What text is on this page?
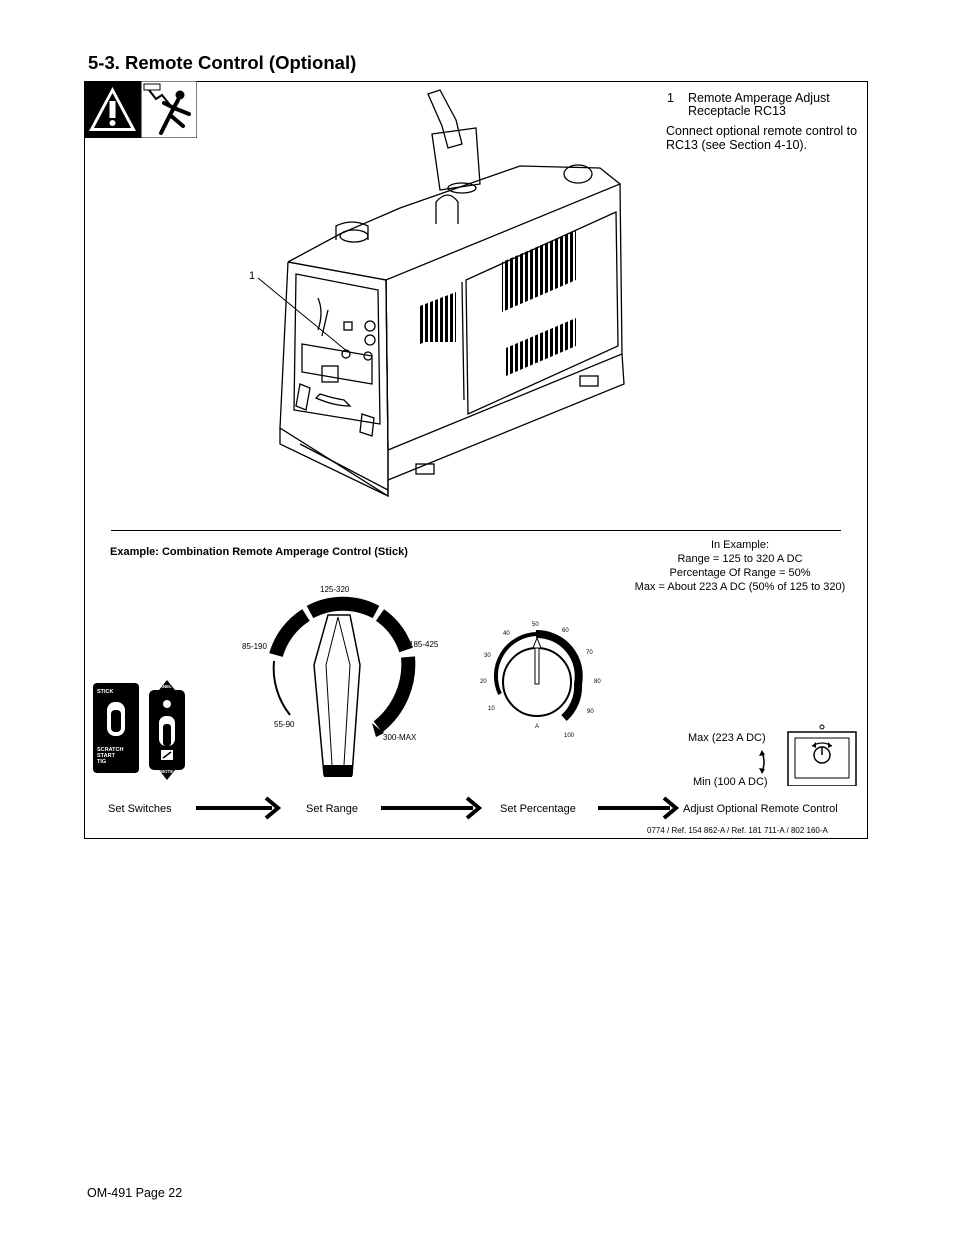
5-3. Remote Control (Optional)
1 Remote Amperage Adjust
Receptacle RC13
Connect optional remote control to
RC13 (see Section 4-10).
1
Example: Combination Remote Amperage Control (Stick)
In Example:
Range = 125 to 320 A DC
Percentage Of Range = 50%
Max = About 223 A DC (50% of 125 to 320)
STICK
SCRATCH
START
TIG
PANEL
REMOTE
125-320
85-190	185-425
55-90
300-MAX
50
40	60
30	70
20	80
10	90
A
100	Max (223 A DC)
Min (100 A DC)
Set Switches	Set Range	Set Percentage	Adjust Optional Remote Control
0774 / Ref. 154 862-A / Ref. 181 711-A / 802 160-A
OM-491 Page 22
